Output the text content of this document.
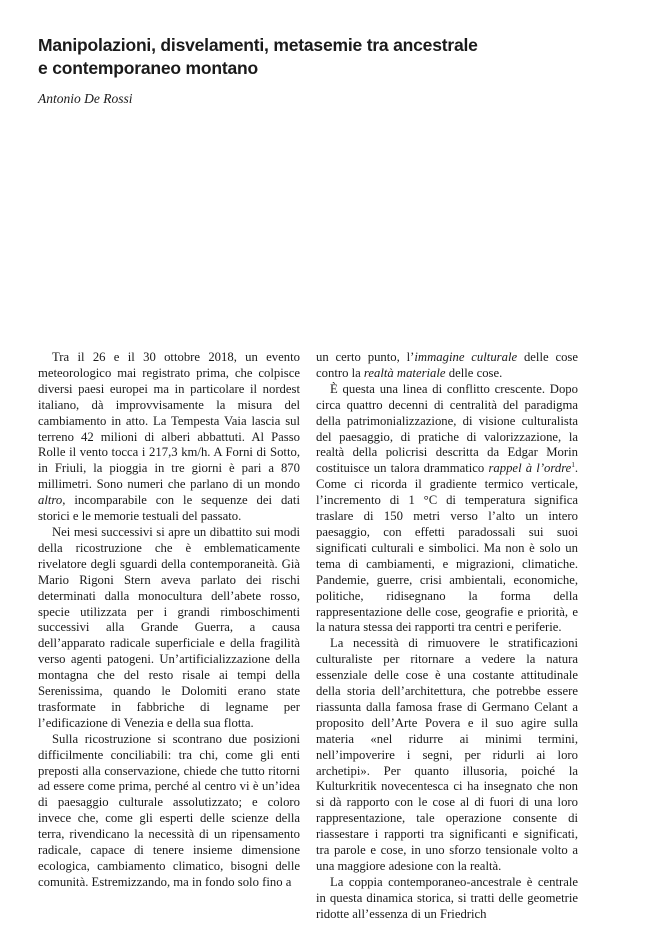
Manipolazioni, disvelamenti, metasemie tra ancestrale
e contemporaneo montano

Antonio De Rossi

Tra il 26 e il 30 ottobre 2018, un evento meteorologico mai registrato prima, che colpisce diversi paesi europei ma in particolare il nordest italiano, dà improvvisamente la misura del cambiamento in atto. La Tempesta Vaia lascia sul terreno 42 milioni di alberi abbattuti. Al Passo Rolle il vento tocca i 217,3 km/h. A Forni di Sotto, in Friuli, la pioggia in tre giorni è pari a 870 millimetri. Sono numeri che parlano di un mondo altro, incomparabile con le sequenze dei dati storici e le memorie testuali del passato.

Nei mesi successivi si apre un dibattito sui modi della ricostruzione che è emblematicamente rivelatore degli sguardi della contemporaneità. Già Mario Rigoni Stern aveva parlato dei rischi determinati dalla monocultura dell’abete rosso, specie utilizzata per i grandi rimboschimenti successivi alla Grande Guerra, a causa dell’apparato radicale superficiale e della fragilità verso agenti patogeni. Un’artificializzazione della montagna che del resto risale ai tempi della Serenissima, quando le Dolomiti erano state trasformate in fabbriche di legname per l’edificazione di Venezia e della sua flotta.

Sulla ricostruzione si scontrano due posizioni difficilmente conciliabili: tra chi, come gli enti preposti alla conservazione, chiede che tutto ritorni ad essere come prima, perché al centro vi è un’idea di paesaggio culturale assolutizzato; e coloro invece che, come gli esperti delle scienze della terra, rivendicano la necessità di un ripensamento radicale, capace di tenere insieme dimensione ecologica, cambiamento climatico, bisogni delle comunità. Estremizzando, ma in fondo solo fino a

un certo punto, l’immagine culturale delle cose contro la realtà materiale delle cose.

È questa una linea di conflitto crescente. Dopo circa quattro decenni di centralità del paradigma della patrimonializzazione, di visione culturalista del paesaggio, di pratiche di valorizzazione, la realtà della policrisi descritta da Edgar Morin costituisce un talora drammatico rappel à l’ordre$^1$. Come ci ricorda il gradiente termico verticale, l’incremento di 1 °C di temperatura significa traslare di 150 metri verso l’alto un intero paesaggio, con effetti paradossali sui suoi significati culturali e simbolici. Ma non è solo un tema di cambiamenti, e migrazioni, climatiche. Pandemie, guerre, crisi ambientali, economiche, politiche, ridisegnano la forma della rappresentazione delle cose, geografie e priorità, e la natura stessa dei rapporti tra centri e periferie.

La necessità di rimuovere le stratificazioni culturaliste per ritornare a vedere la natura essenziale delle cose è una costante attitudinale della storia dell’architettura, che potrebbe essere riassunta dalla famosa frase di Germano Celant a proposito dell’Arte Povera e il suo agire sulla materia «nel ridurre ai minimi termini, nell’impoverire i segni, per ridurli ai loro archetipi». Per quanto illusoria, poiché la Kulturkritik novecentesca ci ha insegnato che non si dà rapporto con le cose al di fuori di una loro rappresentazione, tale operazione consente di riassestare i rapporti tra significanti e significati, tra parole e cose, in uno sforzo tensionale volto a una maggiore adesione con la realtà.

La coppia contemporaneo-ancestrale è centrale in questa dinamica storica, si tratti delle geometrie ridotte all’essenza di un Friedrich
